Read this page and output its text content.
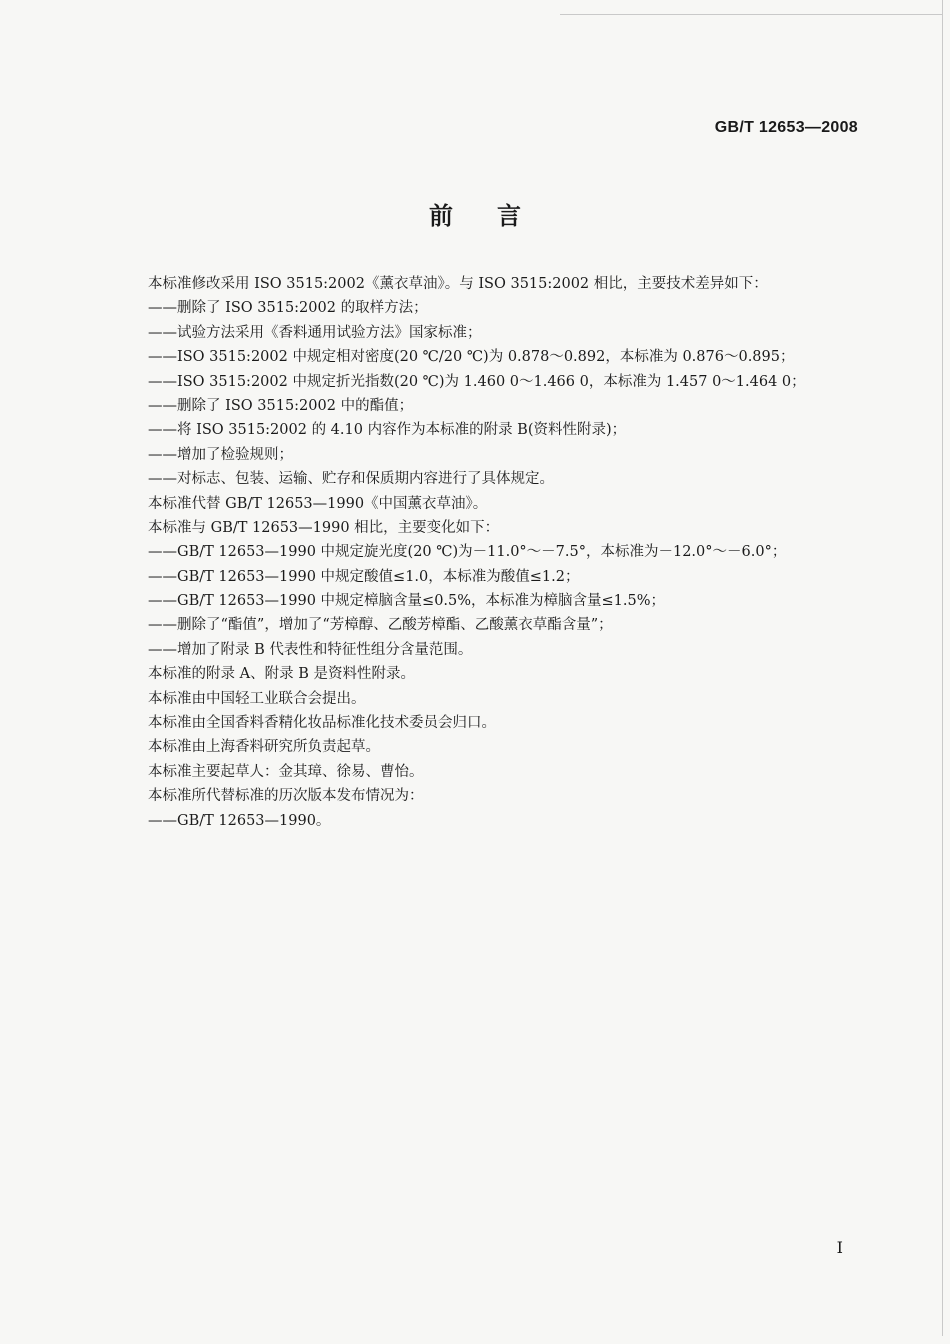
GB/T 12653—2008
前言
本标准修改采用 ISO 3515:2002《薰衣草油》。与 ISO 3515:2002 相比，主要技术差异如下：
——删除了 ISO 3515:2002 的取样方法；
——试验方法采用《香料通用试验方法》国家标准；
——ISO 3515:2002 中规定相对密度(20 ℃/20 ℃)为 0.878～0.892，本标准为 0.876～0.895；
——ISO 3515:2002 中规定折光指数(20 ℃)为 1.460 0～1.466 0，本标准为 1.457 0～1.464 0；
——删除了 ISO 3515:2002 中的酯值；
——将 ISO 3515:2002 的 4.10 内容作为本标准的附录 B(资料性附录)；
——增加了检验规则；
——对标志、包装、运输、贮存和保质期内容进行了具体规定。
本标准代替 GB/T 12653—1990《中国薰衣草油》。
本标准与 GB/T 12653—1990 相比，主要变化如下：
——GB/T 12653—1990 中规定旋光度(20 ℃)为－11.0°～－7.5°，本标准为－12.0°～－6.0°；
——GB/T 12653—1990 中规定酸值≤1.0，本标准为酸值≤1.2；
——GB/T 12653—1990 中规定樟脑含量≤0.5%，本标准为樟脑含量≤1.5%；
——删除了“酯值”，增加了“芳樟醇、乙酸芳樟酯、乙酸薰衣草酯含量”；
——增加了附录 B 代表性和特征性组分含量范围。
本标准的附录 A、附录 B 是资料性附录。
本标准由中国轻工业联合会提出。
本标准由全国香料香精化妆品标准化技术委员会归口。
本标准由上海香料研究所负责起草。
本标准主要起草人：金其璋、徐易、曹怡。
本标准所代替标准的历次版本发布情况为：
——GB/T 12653—1990。
I
